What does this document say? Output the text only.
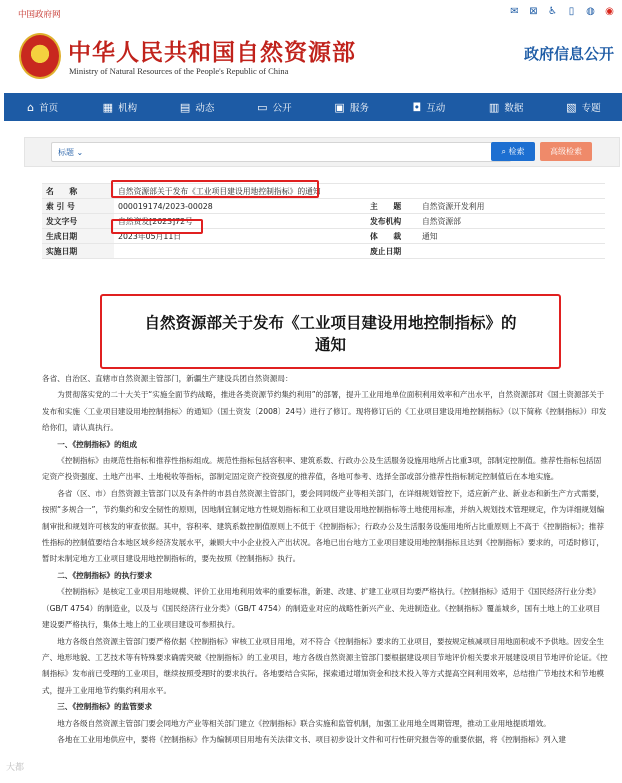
中国政府网	✉ ⊠ ♿	▯	◍ ◉
中华人民共和国自然资源部
Ministry of Natural Resources of the People's Republic of China
政府信息公开
⌂ 首页	▦ 机构	▤ 动态	▭ 公开	▣ 服务	◘ 互动	▥ 数据	▧ 专题
标题 ⌄	⌕
检索	高级检索
名　　称	自然资源部关于发布《工业项目建设用地控制指标》的通知		
索 引 号	000019174/2023-00028	主　　题	自然资源开发利用
发文字号	自然资发[2023]72号	发布机构	自然资源部
生成日期	2023年05月11日	体　　裁	通知
实施日期		废止日期	
自然资源部关于发布《工业项目建设用地控制指标》的
通知

各省、自治区、直辖市自然资源主管部门，新疆生产建设兵团自然资源局：

为贯彻落实党的二十大关于“实施全面节约战略，推进各类资源节约集约利用”的部署，提升工业用地单位面积利用效率和产出水平，自然资源部对《国土资源部关于发布和实施〈工业项目建设用地控制指标〉的通知》（国土资发〔2008〕24号）进行了修订。现将修订后的《工业项目建设用地控制指标》（以下简称《控制指标》）印发给你们，请认真执行。

一、《控制指标》的组成

《控制指标》由规范性指标和推荐性指标组成。规范性指标包括容积率、建筑系数、行政办公及生活服务设施用地所占比重3项，部制定控制值。推荐性指标包括固定资产投资强度、土地产出率、土地税收等指标，部制定固定资产投资强度的推荐值，各地可参考、选择全部或部分推荐性指标制定控制值后在本地实施。

各省（区、市）自然资源主管部门以及有条件的市县自然资源主管部门，要会同同级产业等相关部门，在详细规划管控下，适应新产业、新业态和新生产方式需要，按照“多规合一”，节约集约和安全韧性的原则，因地制宜制定地方性规划指标和工业项目建设用地控制指标等土地使用标准，并纳入规划技术管理规定，作为详细规划编制审批和规划许可核发的审查依据。其中，容积率、建筑系数控制值原则上不低于《控制指标》；行政办公及生活服务设施用地所占比重原则上不高于《控制指标》；推荐性指标的控制值要结合本地区域乡经济发展水平，兼顾大中小企业投入产出状况。各地已出台地方工业项目建设用地控制指标且达到《控制指标》要求的，可适时修订，暂时未制定地方工业项目建设用地控制指标的，要先按照《控制指标》执行。

二、《控制指标》的执行要求

《控制指标》是核定工业项目用地规模、评价工业用地利用效率的重要标准，新建、改建、扩建工业项目均要严格执行。《控制指标》适用于《国民经济行业分类》（GB/T 4754）的制造业，以及与《国民经济行业分类》（GB/T 4754）的制造业对应的战略性新兴产业、先进制造业。《控制指标》覆盖城乡，国有土地上的工业项目建设要严格执行，集体土地上的工业项目建设可参照执行。

地方各级自然资源主管部门要严格依据《控制指标》审核工业项目用地，对不符合《控制指标》要求的工业项目，要按规定核减项目用地面积或不予供地。因安全生产、地形地貌、工艺技术等有特殊要求确需突破《控制指标》的工业项目，地方各级自然资源主管部门要根据建设项目节地评价相关要求开展建设项目节地评价论证。《控制指标》发布前已受理的工业项目，继续按照受理时的要求执行。各地要结合实际，探索通过增加资金和技术投入等方式提高空间利用效率，总结推广节地技术和节地模式，提升工业用地节约集约利用水平。

三、《控制指标》的监管要求

地方各级自然资源主管部门要会同地方产业等相关部门建立《控制指标》联合实施和监管机制，加强工业用地全周期管理，推动工业用地提质增效。

各地在工业用地供应中，要将《控制指标》作为编制项目用地有关法律文书、项目初步设计文件和可行性研究报告等的重要依据，将《控制指标》列入建

大都
